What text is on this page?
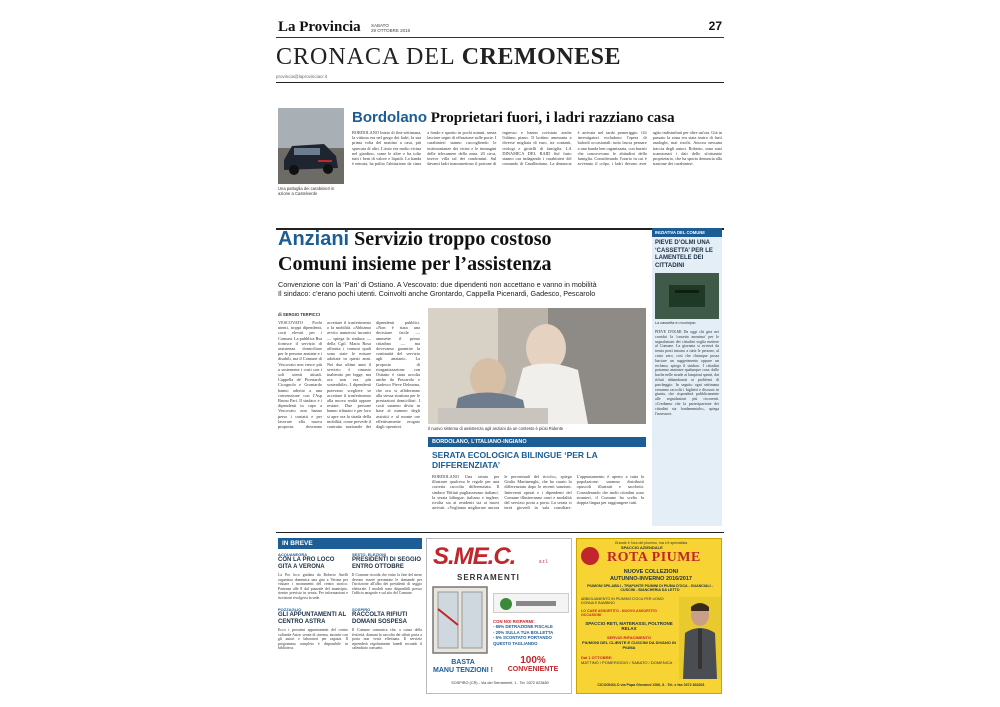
La Provincia SABATO
29 OTTOBRE 2016	27
CRONACA DEL CREMONESE
provincia@laprovinciacr.it
Una pattuglia dei carabinieri in azione a Castelverde
Bordolano Proprietari fuori, i ladri razziano casa
BORDOLANO Inizio di fine settimana, la vittima era nel gergo dei ladri, la sua prima volta del mattino a casa, più sprecata di altri. L'auto era molto vicina nel giardino, come le altre e ha tolto tutti i beni di valore e liquidi. La banda è entrata, ha pulito l'abitazione da cima a fondo e sparito in pochi minuti, senza lasciare segni di effrazione sulle porte. I carabinieri stanno raccogliendo le testimonianze dei vicini e le immagini delle telecamere della zona. 20 circa, invece villa tal dei condomini. Sul davanti ladri manomettono il portone di ingresso e hanno rovistato anche l'ultimo piano. Il bottino ammonta a diverse migliaia di euro, tra contanti, orologi e gioielli di famiglia. LA DINAMICA DEL RAID Sul furto stanno ora indagando i carabinieri del comando di Casalbuttano. La denuncia è arrivata nel tardo pomeriggio. Gli investigatori escludono l'opera di balordi occasionali: tutto lascia pensare a una banda ben organizzata, con basisti che conoscevano le abitudini della famiglia. Considerando l'orario in cui è avvenuto il colpo, i ladri devono aver agito indisturbati per oltre un'ora. Già in passato la zona era stata teatro di furti analoghi, mai risolti. Ancora nessuna traccia degli autori. Roberto, sono stati scansionati i dati dello sfortunato proprietario, che ha sporto denuncia alla stazione dei carabinieri.
Anziani Servizio troppo costoso
Comuni insieme per l’assistenza
Convenzione con la ‘Pari’ di Ostiano. A Vescovato: due dipendenti non accettano e vanno in mobilità
Il sindaco: c’erano pochi utenti. Coinvolti anche Grontardo, Cappella Picenardi, Gadesco, Pescarolo
di SERGIO TERPICCI
VESCOVATO Pochi utenti, troppi dipendenti, costi elevati per i Comuni. La pubblica Rsa fornisce il servizio di assistenza domiciliare per le persone anziane e i disabili, ma il Comune di Vescovato non riesce più a sostenerne i costi con i soli utenti attuali. Cappella de' Picenardi, Cicognolo e Grontardo hanno aderito a una convenzione con l'Asp Bruno Pari. Il sindaco e i dipendenti in capo a Vescovato non hanno perso i contatti e per lavorare alla nuova proposta: dovranno accettare il trasferimento o la mobilità. «Abbiamo avvito numerosi incontri — spiega la sindaca — della Cgil. Maria Rosa affronta i comuni quali sono state le misure adottate in questi anni. Nei due ultimi anni il servizio è rimasto inalterato per legge, ma ora non era più sostenibile». I dipendenti potevano scegliere se accettare il trasferimento alla nuova realtà oppure restare. Due persone hanno rifiutato e per loro si apre ora la strada della mobilità, come prevede il contratto nazionale dei dipendenti pubblici. «Non è stata una decisione facile — ammette il primo cittadino — ma dovevamo garantire la continuità del servizio agli anziani». La proposta di riorganizzazione con Ostiano è stata accolta anche da Pescarolo e Gadesco Pieve Delmona, che ora si affideranno alla stessa struttura per le prestazioni domiciliari. I costi saranno divisi in base al numero degli assistiti e al monte ore effettivamente erogato dagli operatori.	Il nuovo sistema di assistenza agli anziani da un contesto è piùsi Ridente
BORDOLANO, L’ITALIANO-INGIANO
SERATA ECOLOGICA BILINGUE ‘PER LA DIFFERENZIATA’
BORDOLANO Una serata per illustrare qualcosa le regole per una corretta raccolta differenziata. Il sindaco 'Rifiuti pugliassesano italiano', la serata bilingue, italiano e inglese, rivolta sia ai residenti sia ai nuovi arrivati. «Vogliamo migliorare ancora le percentuali del riciclo», spiega Giulio Martinenghi, che ha curato la differenziata dopo le recenti sanzioni. Interventi operai e i dipendenti del Comune illustreranno orari e modalità del servizio porta a porta. La serata si terrà giovedì in sala consiliare. L'appuntamento è aperto a tutta la popolazione: saranno distribuiti opuscoli illustrati e sacchetti. Considerando che molti cittadini sono stranieri, il Comune ha scelto la doppia lingua per raggiungere tutti.
INIZIATIVA DEL COMUNE
PIEVE D’OLMI UNA ‘CASSETTA’ PER LE LAMENTELE DEI CITTADINI
La cassetta in municipio
PIEVE D'OLMI Da oggi chi gira nei corridoi la 'cassetta anonima' per le segnalazioni dei cittadini voglia mettere al Comune. La giornata si avvierà da trenta posti intorno a tutte le persone, al costo zero, così che chiunque possa lasciare un suggerimento oppure un reclamo, spiega il sindaco. I cittadini potranno annotare qualunque cosa: dalle buche nelle strade ai lampioni spenti, dai rifiuti abbandonati ai problemi di parcheggio. In seguito ogni settimana verranno raccolti i biglietti e discussi in giunta, che risponderà pubblicamente alle segnalazioni più ricorrenti. «Crediamo che la partecipazione dei cittadini sia fondamentale», spiega l'assessore.
IN BREVE
ACQUANEGRA
CON LA PRO LOCO GITA A VERONA
La Pro loco guidata da Roberto Anelli organizza domenica una gita a Verona per visitare i monumenti del centro storico. Partenza alle 8 dal piazzale del municipio, rientro previsto in serata. Per informazioni e iscrizioni rivolgersi in sede.
POZZAGLIO
GLI APPUNTAMENTI AL CENTRO ASTRA
Ecco i prossimi appuntamenti del centro culturale Astra: serate di cinema, incontri con gli autori e laboratori per ragazzi. Il programma completo è disponibile in biblioteca.
SESTO, ELEZIONI
PRESIDENTI DI SEGGIO ENTRO OTTOBRE
Il Comune ricorda che entro la fine del mese devono essere presentate le domande per l'iscrizione all'albo dei presidenti di seggio elettorale. I moduli sono disponibili presso l'ufficio anagrafe e sul sito del Comune.
SOSPIRO
RACCOLTA RIFIUTI DOMANI SOSPESA
Il Comune comunica che, a causa della festività, domani la raccolta dei rifiuti porta a porta non verrà effettuata. Il servizio riprenderà regolarmente lunedì secondo il calendario consueto.
S.ME.C.	s.r.l.
SERRAMENTI
CON NOI RISPARMI:
- 65% DETRAZIONE FISCALE
- 20% SULLA TUA BOLLETTA
- 5% SCONTATO PORTANDO QUESTO TAGLIANDO
BASTA
MANU TENZIONI !
100%
CONVENIENTE
SOSPIRO (CR) - Via dei Serramenti, 1 - Tel. 0372 623480
Grande è l’ora del piumino, ma c’è specialista
ROTA PIUME
SPACCIO AZIENDALE
NUOVE COLLEZIONI
AUTUNNO-INVERNO 2016/2017
PIUMONI SPILABILI - TRAPUNTE PIUMINI DI PIUMA D'OCA - GUANCIALI - CUSCINI - BIANCHERIA DA LETTO
ABBIGLIAMENTO IN PIUMINO D'OCA PER UOMO DONNA E BAMBINO
LO CASE ASSORTITO - NUOVO ASSORTITO OCCASIONI
SPACCIO RETI, MATERASSI, POLTRONE RELAX
SERVIZI RIFACIMENTO
PIUMONI DEL CLIENTE E CUSCINI DA DIVANO IN PIUMA
Dal 1 OTTOBRE:
MATTINO / POMERIGGIO / SABATO / DOMENICA
CICOGNOLO via Papa Giovanni XXIII, 8 - Tel. e fax 0372 833301
